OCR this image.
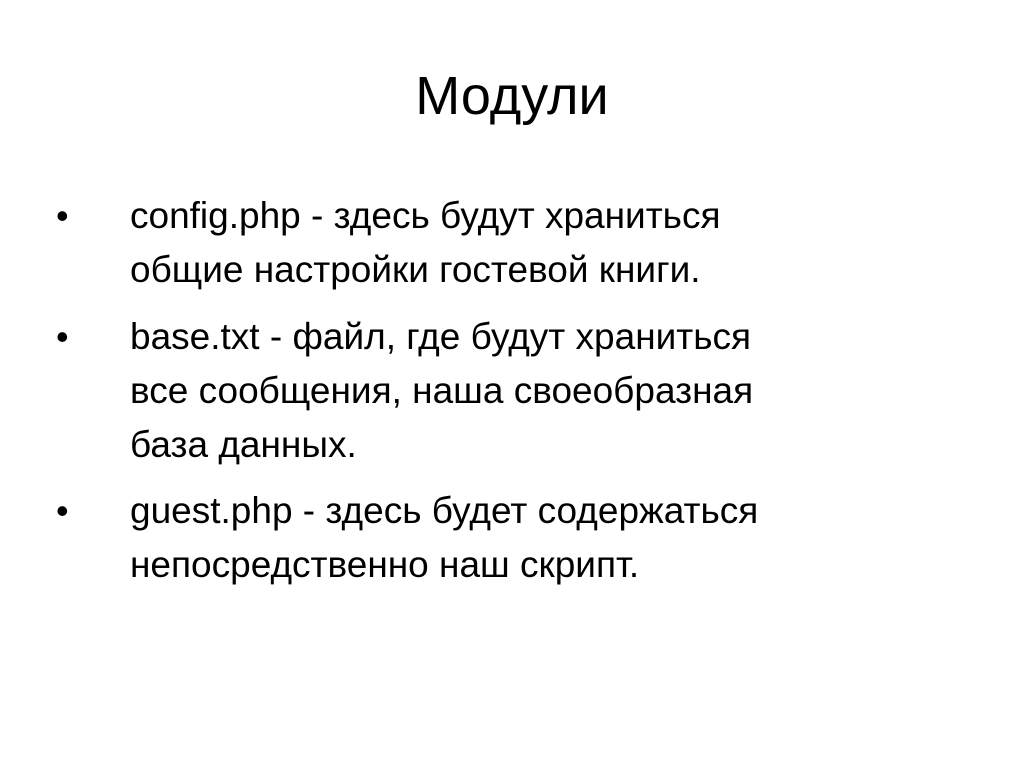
Модули
• config.php - здесь будут храниться
общие настройки гостевой книги.
• base.txt - файл, где будут храниться
все сообщения, наша своеобразная
база данных.
• guest.php - здесь будет содержаться
непосредственно наш скрипт.
